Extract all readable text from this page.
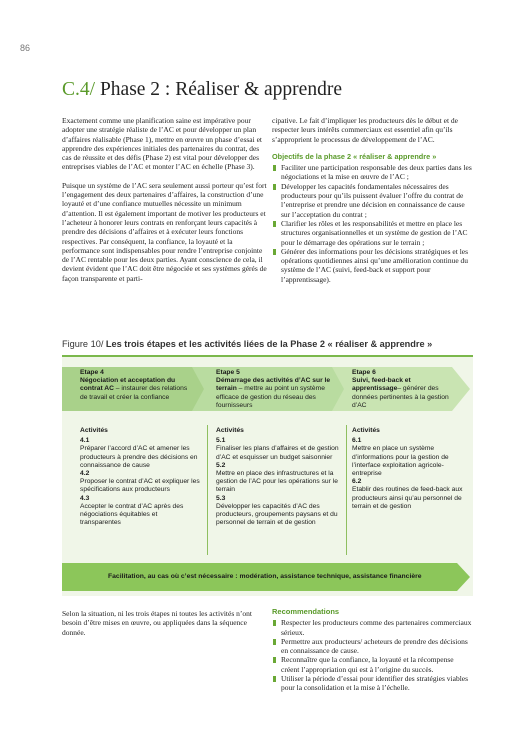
86
C.4/ Phase 2 : Réaliser & apprendre

Exactement comme une planification saine est impérative pour adopter une stratégie réaliste de l’AC et pour développer un plan d’affaires réalisable (Phase 1), mettre en œuvre un phase d’essai et apprendre des expériences initiales des partenaires du contrat, des cas de réussite et des défis (Phase 2) est vital pour développer des entreprises viables de l’AC et monter l’AC en échelle (Phase 3).

Puisque un système de l’AC sera seulement aussi porteur qu’est fort l’engagement des deux partenaires d’affaires, la construction d’une loyauté et d’une confiance mutuelles nécessite un minimum d’attention. Il est également important de motiver les producteurs et l’acheteur à honorer leurs contrats en renforçant leurs capacités à prendre des décisions d’affaires et à exécuter leurs fonctions respectives. Par conséquent, la confiance, la loyauté et la performance sont indispensables pour rendre l’entreprise conjointe de l’AC rentable pour les deux parties. Ayant conscience de cela, il devient évident que l’AC doit être négociée et ses systèmes gérés de façon transparente et parti-

cipative. Le fait d’impliquer les producteurs dès le début et de respecter leurs intérêts commerciaux est essentiel afin qu’ils s’approprient le processus de développement de l’AC.

Objectifs de la phase 2 « réaliser & apprendre »

Faciliter une participation responsable des deux parties dans les négociations et la mise en œuvre de l’AC ;
Développer les capacités fondamentales nécessaires des producteurs pour qu’ils puissent évaluer l’offre du contrat de l’entreprise et prendre une décision en connaissance de cause sur l’acceptation du contrat ;
Clarifier les rôles et les responsabilités et mettre en place les structures organisationnelles et un système de gestion de l’AC pour le démarrage des opérations sur le terrain ;
Générer des informations pour les décisions stratégiques et les opérations quotidiennes ainsi qu’une amélioration continue du système de l’AC (suivi, feed-back et support pour l’apprentissage).
Figure 10/ Les trois étapes et les activités liées de la Phase 2 « réaliser & apprendre »
Etape 4
Négociation et acceptation du contrat AC – instaurer des relations de travail et créer la confiance
Etape 5
Démarrage des activités d’AC sur le terrain – mettre au point un système efficace de gestion du réseau des fournisseurs
Etape 6
Suivi, feed-back et apprentissage– générer des données pertinentes à la gestion d’AC
Activités
4.1
Préparer l’accord d’AC et amener les producteurs à prendre des décisions en connaissance de cause
4.2
Proposer le contrat d’AC et expliquer les spécifications aux producteurs
4.3
Accepter le contrat d’AC après des négociations équitables et transparentes
Activités
5.1
Finaliser les plans d’affaires et de gestion d’AC et esquisser un budget saisonnier
5.2
Mettre en place des infrastructures et la gestion de l’AC pour les opérations sur le terrain
5.3
Développer les capacités d’AC des producteurs, groupements paysans et du personnel de terrain et de gestion
Activités
6.1
Mettre en place un système d’informations pour la gestion de l’interface exploitation agricole-entreprise
6.2
Etablir des routines de feed-back aux producteurs ainsi qu’au personnel de terrain et de gestion
Facilitation, au cas où c’est nécessaire : modération, assistance technique, assistance financière

Selon la situation, ni les trois étapes ni toutes les activités n’ont besoin d’être mises en œuvre, ou appliquées dans la séquence donnée.

Recommendations
Respecter les producteurs comme des partenaires commerciaux sérieux.
Permettre aux producteurs/ acheteurs de prendre des décisions en connaissance de cause.
Reconnaître que la confiance, la loyauté et la récompense créent l’appropriation qui est à l’origine du succès.
Utiliser la période d’essai pour identifier des stratégies viables pour la consolidation et la mise à l’échelle.
